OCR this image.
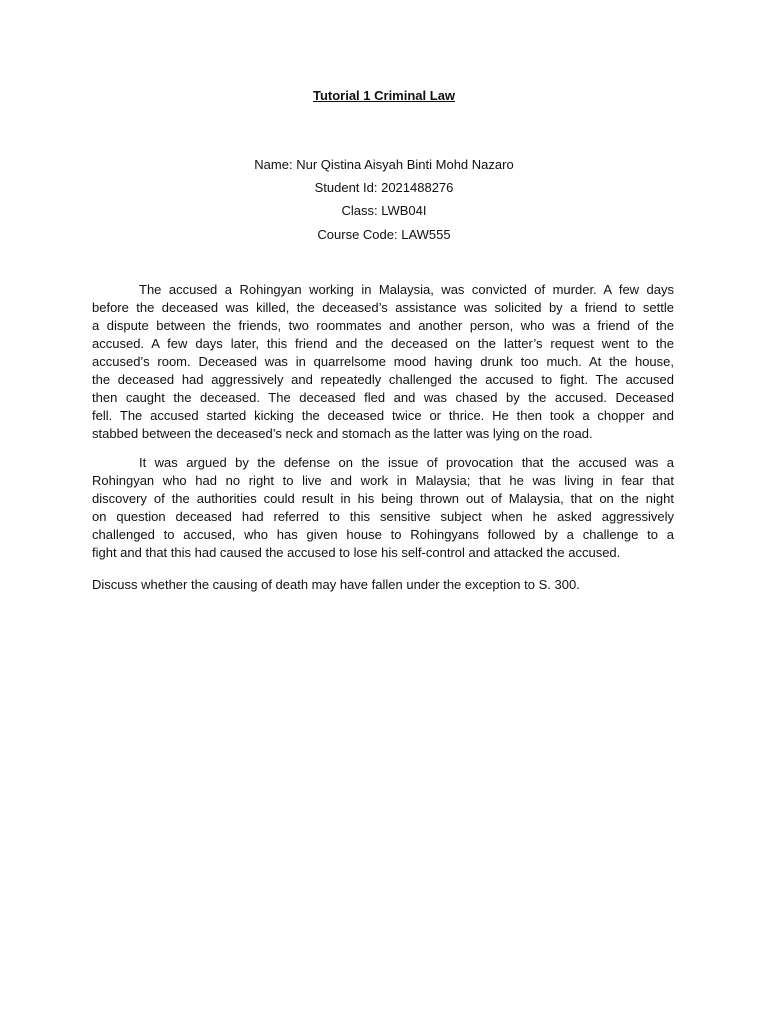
Tutorial 1 Criminal Law
Name: Nur Qistina Aisyah Binti Mohd Nazaro
Student Id: 2021488276
Class: LWB04I
Course Code: LAW555
The accused a Rohingyan working in Malaysia, was convicted of murder. A few days
before the deceased was killed, the deceased’s assistance was solicited by a friend to settle
a dispute between the friends, two roommates and another person, who was a friend of the
accused. A few days later, this friend and the deceased on the latter’s request went to the
accused’s room. Deceased was in quarrelsome mood having drunk too much. At the house,
the deceased had aggressively and repeatedly challenged the accused to fight. The accused
then caught the deceased. The deceased fled and was chased by the accused. Deceased
fell. The accused started kicking the deceased twice or thrice. He then took a chopper and
stabbed between the deceased’s neck and stomach as the latter was lying on the road.
It was argued by the defense on the issue of provocation that the accused was a
Rohingyan who had no right to live and work in Malaysia; that he was living in fear that
discovery of the authorities could result in his being thrown out of Malaysia, that on the night
on question deceased had referred to this sensitive subject when he asked aggressively
challenged to accused, who has given house to Rohingyans followed by a challenge to a
fight and that this had caused the accused to lose his self-control and attacked the accused.
Discuss whether the causing of death may have fallen under the exception to S. 300.
